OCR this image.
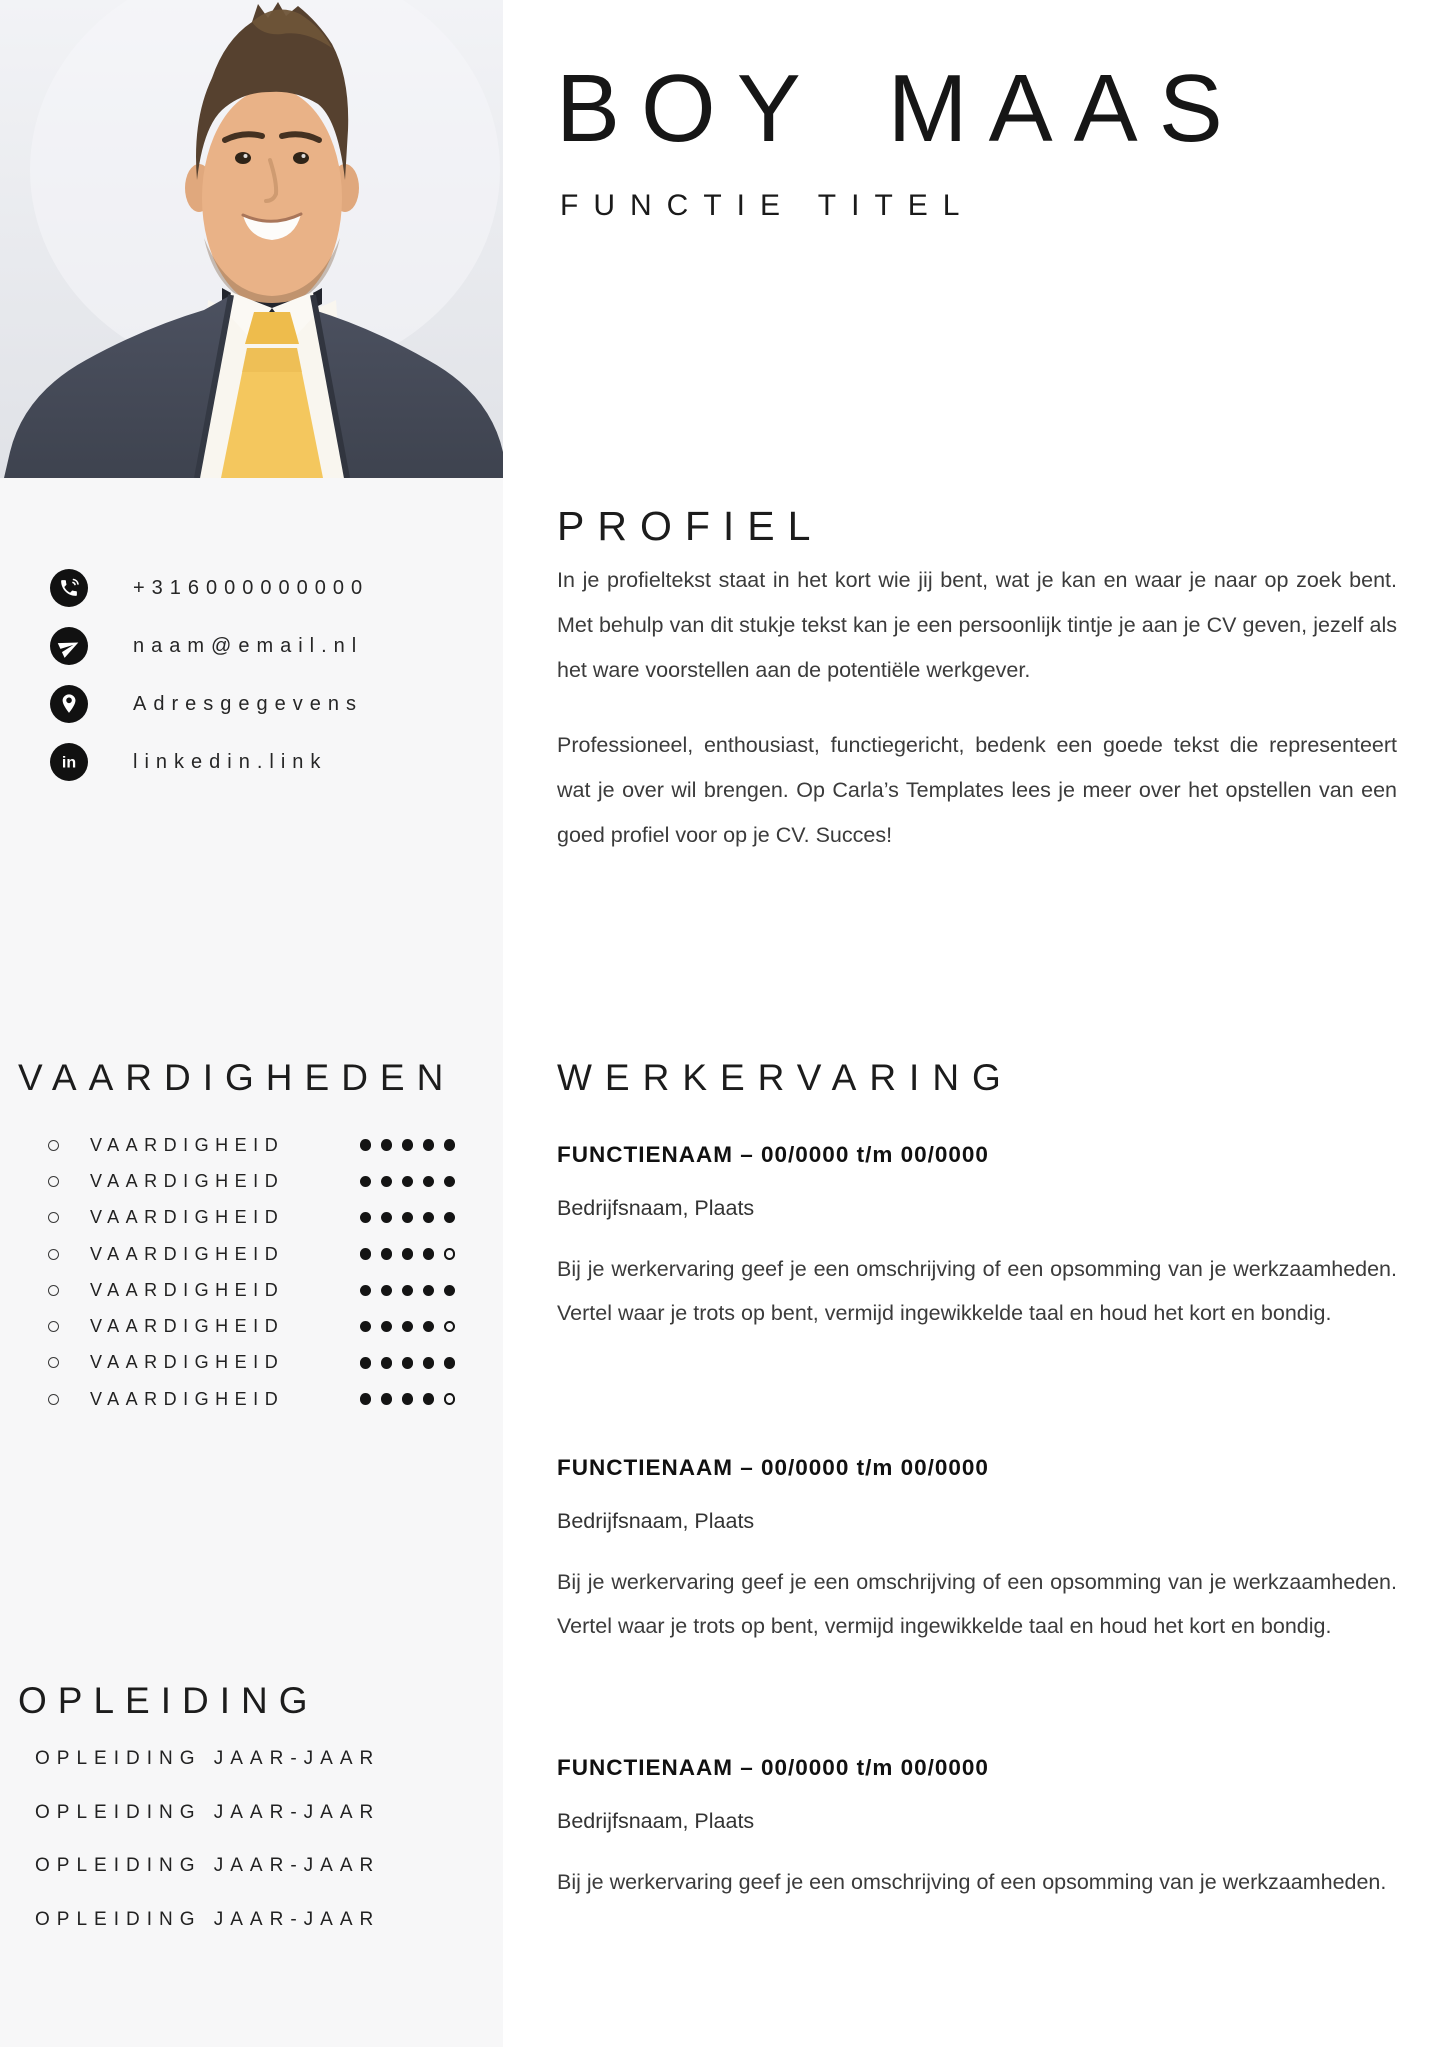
+316000000000
naam@email.nl
Adresgegevens
in	linkedin.link
VAARDIGHEDEN
VAARDIGHEID
VAARDIGHEID
VAARDIGHEID
VAARDIGHEID
VAARDIGHEID
VAARDIGHEID
VAARDIGHEID
VAARDIGHEID
OPLEIDING
OPLEIDING JAAR-JAAR
OPLEIDING JAAR-JAAR
OPLEIDING JAAR-JAAR
OPLEIDING JAAR-JAAR
BOY MAAS
FUNCTIE TITEL
PROFIEL

In je profieltekst staat in het kort wie jij bent, wat je kan en waar je naar op zoek bent. Met behulp van dit stukje tekst kan je een persoonlijk tintje je aan je CV geven, jezelf als het ware voorstellen aan de potentiële werkgever.

Professioneel, enthousiast, functiegericht, bedenk een goede tekst die representeert wat je over wil brengen. Op Carla’s Templates lees je meer over het opstellen van een goed profiel voor op je CV. Succes!

WERKERVARING
FUNCTIENAAM – 00/0000 t/m 00/0000
Bedrijfsnaam, Plaats

Bij je werkervaring geef je een omschrijving of een opsomming van je werkzaamheden. Vertel waar je trots op bent, vermijd ingewikkelde taal en houd het kort en bondig.

FUNCTIENAAM – 00/0000 t/m 00/0000
Bedrijfsnaam, Plaats

Bij je werkervaring geef je een omschrijving of een opsomming van je werkzaamheden. Vertel waar je trots op bent, vermijd ingewikkelde taal en houd het kort en bondig.

FUNCTIENAAM – 00/0000 t/m 00/0000
Bedrijfsnaam, Plaats

Bij je werkervaring geef je een omschrijving of een opsomming van je werkzaamheden.
